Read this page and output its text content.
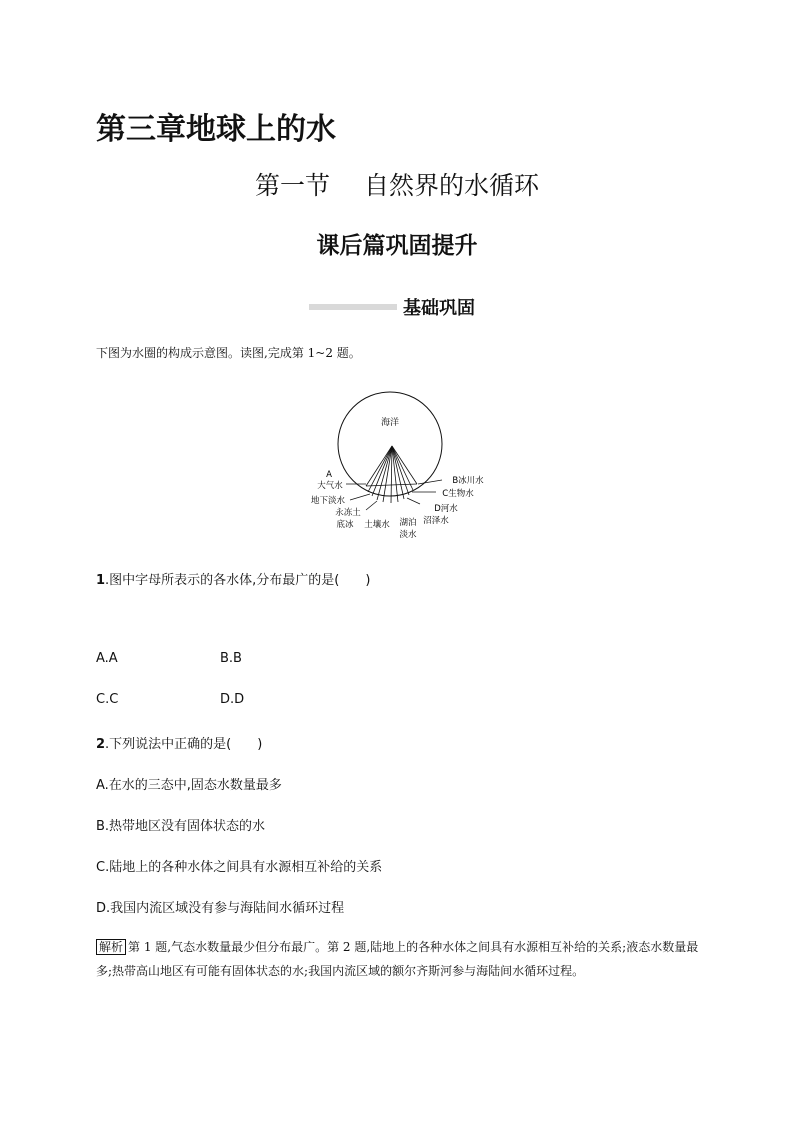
第三章地球上的水
第一节 自然界的水循环
课后篇巩固提升
基础巩固
下图为水圈的构成示意图。读图,完成第 1~2 题。
海洋
A
大气水
地下淡水
永冻土
底冰 土壤水 湖泊
淡水
沼泽水
D河水
C生物水
B冰川水
1.图中字母所表示的各水体,分布最广的是(　　)
A.A	B.B
C.C	D.D
2.下列说法中正确的是(　　)
A.在水的三态中,固态水数量最多
B.热带地区没有固体状态的水
C.陆地上的各种水体之间具有水源相互补给的关系
D.我国内流区域没有参与海陆间水循环过程
解析 第 1 题,气态水数量最少但分布最广。第 2 题,陆地上的各种水体之间具有水源相互补给的关系;液态水数量最多;热带高山地区有可能有固体状态的水;我国内流区域的额尔齐斯河参与海陆间水循环过程。
